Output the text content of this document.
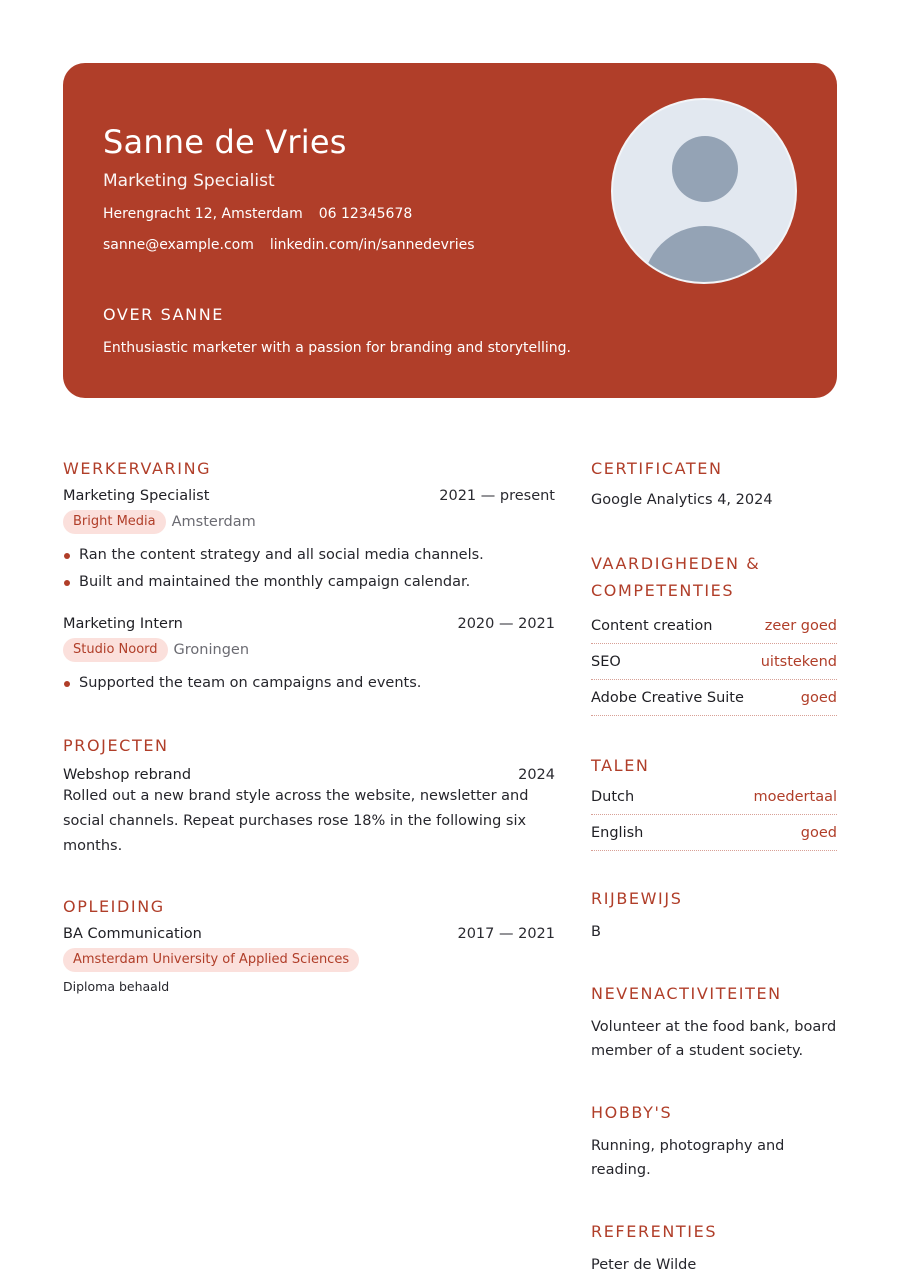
Sanne de Vries
Marketing Specialist
Herengracht 12, Amsterdam 06 12345678
sanne@example.com linkedin.com/in/sannedevries
OVER SANNE
Enthusiastic marketer with a passion for branding and storytelling.
WERKERVARING
Marketing Specialist	2021 — present
Bright Media	Amsterdam
Ran the content strategy and all social media channels.
Built and maintained the monthly campaign calendar.
Marketing Intern	2020 — 2021
Studio Noord	Groningen
Supported the team on campaigns and events.
PROJECTEN
Webshop rebrand	2024
Rolled out a new brand style across the website, newsletter and social channels. Repeat purchases rose 18% in the following six months.
OPLEIDING
BA Communication	2017 — 2021
Amsterdam University of Applied Sciences
Diploma behaald
CERTIFICATEN
Google Analytics 4, 2024
VAARDIGHEDEN & COMPETENTIES
Content creation	zeer goed
SEO	uitstekend
Adobe Creative Suite	goed
TALEN
Dutch	moedertaal
English	goed
RIJBEWIJS
B
NEVENACTIVITEITEN
Volunteer at the food bank, board member of a student society.
HOBBY'S
Running, photography and reading.
REFERENTIES
Peter de Wilde
